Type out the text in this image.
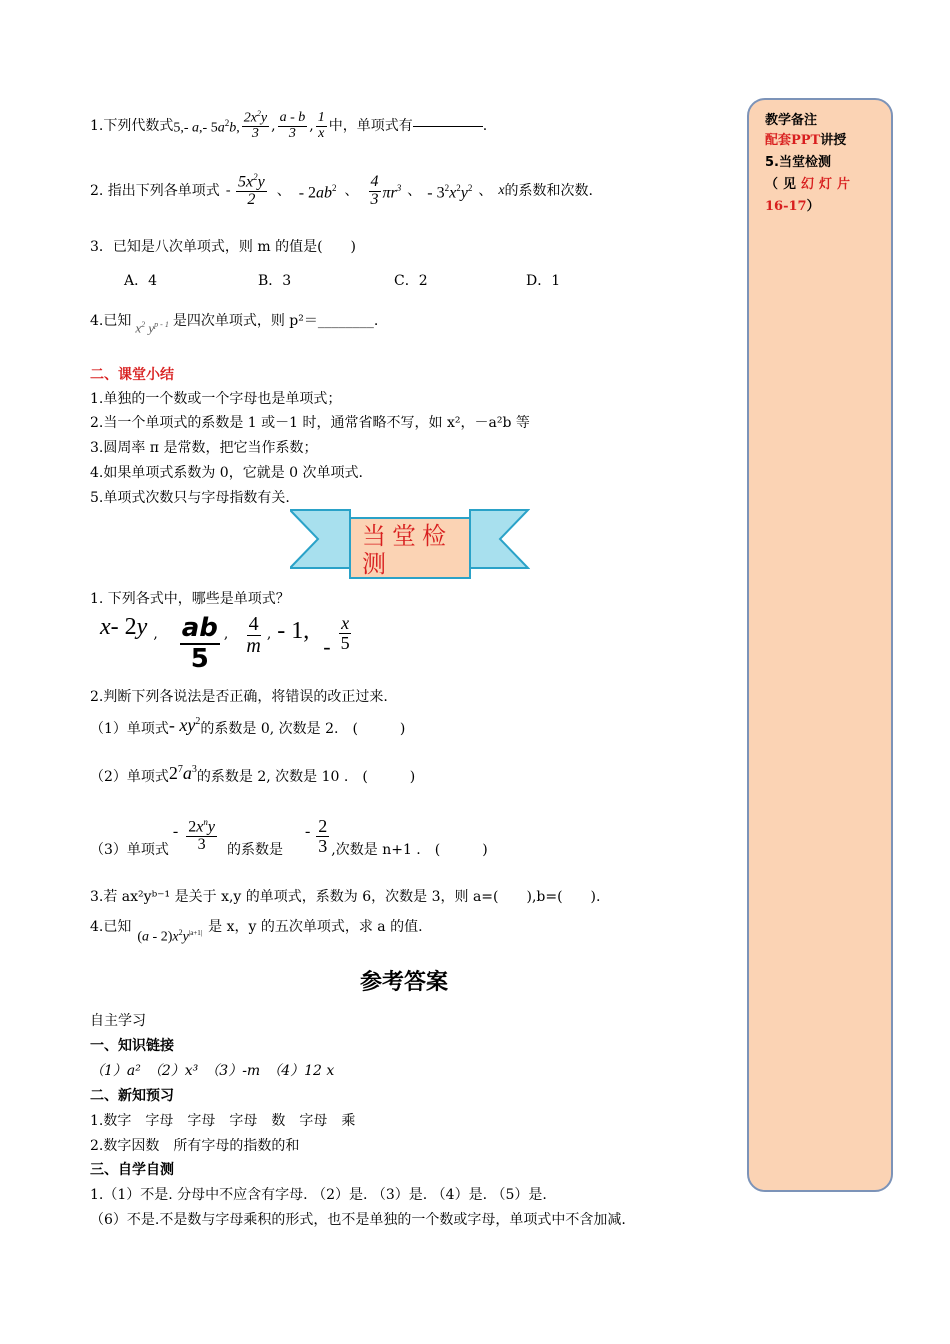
教学备注
配套PPT讲授
5.当堂检测
（见幻灯片
16-17）
1.下列代数式 5,- a,- $5a^2b$, $\frac{2x^2y}{3}$ , $\frac{a - b}{3}$ , $\frac{1}{x}$ 中，单项式有	.
2. 指出下列各单项式 - $\frac{5x^2y}{2}$ 、 - $2ab^2$ 、 $\frac{4}{3} \pi r^3$ 、 - $3^2x^2y^2$ 、 x 的系数和次数.
3．已知是八次单项式，则 m 的值是(　　)
A．4	B．3	C．2	D．1
4.已知 $x^2$ $y^{p - 1}$ 是四次单项式，则 p²＝________.
二、课堂小结
1.单独的一个数或一个字母也是单项式；
2.当一个单项式的系数是 1 或－1 时，通常省略不写，如 x²，－a²b 等
3.圆周率 π 是常数，把它当作系数；
4.如果单项式系数为 0，它就是 0 次单项式.
5.单项式次数只与字母指数有关.
当堂检
测
1. 下列各式中，哪些是单项式？
x- 2y , $\frac{ab}{5}$ , $\frac{4}{m}$ , - 1,
- $\frac{x}{5}$
2.判断下列各说法是否正确，将错误的改正过来.
（1）单项式 - $xy^2$ 的系数是 0, 次数是 2.　(　　　)
（2）单项式 $2^7a^3$ 的系数是 2, 次数是 10 .　(　　　)
（3）单项式
- $\frac{2x^ny}{3}$ 的系数是
- $\frac{2}{3}$ ,次数是 n+1 .　(　　　)
3.若 ax²yᵇ⁻¹ 是关于 x,y 的单项式，系数为 6，次数是 3，则 a=(　　),b=(　　).
4.已知
$(a - 2)x^2y^{|a+1|}$ 是 x，y 的五次单项式，求 a 的值.
参考答案
自主学习
一、知识链接
（1）a²　（2）x³　（3）-m　（4）12 x
二、新知预习
1.数字　字母　字母　字母　数　字母　乘
2.数字因数　所有字母的指数的和
三、自学自测
1.（1）不是. 分母中不应含有字母. （2）是. （3）是. （4）是. （5）是.
（6）不是.不是数与字母乘积的形式，也不是单独的一个数或字母，单项式中不含加减.
